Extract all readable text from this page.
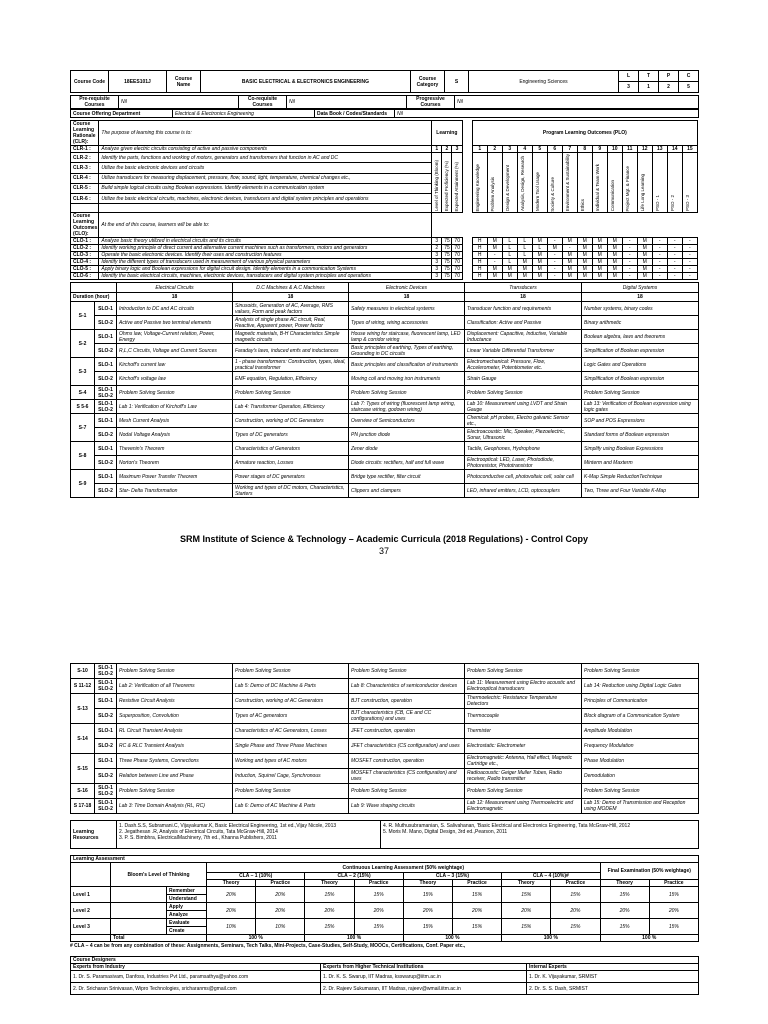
Course Code	18EES101J	Course Name	BASIC ELECTRICAL & ELECTRONICS ENGINEERING	Course Category	S	Engineering Sciences	L	T	P	C
							3	1	2	5
Pre-requisite Courses	Nil	Co-requisite Courses	Nil	Progressive Courses	Nil
Course Offering Department	Electrical & Electronics Engineering	Data Book / Codes/Standards	Nil
Course Learning Rationale (CLR):	The purpose of learning this course is to:	Learning				Program Learning Outcomes (PLO)														
CLR-1 :	Analyze given electric circuits consisting of active and passive components	1	2	3		1	2	3	4	5	6	7	8	9	10	11	12	13	14	15
CLR-2 :	Identify the parts, functions and working of motors, generators and transformers that function in AC and DC	Level of Thinking (Bloom)	Expected Proficiency (%)	Expected Attainment (%)		Engineering Knowledge	Problem Analysis	Design & Development	Analysis, Design, Research	Modern Tool Usage	Society & Culture	Environment & Sustainability	Ethics	Individual & Team Work	Communication	Project Mgt. & Finance	Life Long Learning	PSO - 1	PSO - 2	PSO - 3

CLR-3 :	Utilize the basic electronic devices and circuits																			
CLR-4 :	Utilize transducers for measuring displacement, pressure, flow, sound, light, temperature, chemical changes etc.,																			
CLR-5 :	Build simple logical circuits using Boolean expressions. Identify elements in a communication system																			
CLR-6 :	Utilize the basic electrical circuits, machines, electronic devices, transducers and digital system principles and operations																			

Course Learning Outcomes (CLO):	At the end of this course, learners will be able to:																			
CLO-1 :	Analyze basic theory utilized in electrical circuits and its circuits	3	75	70		H	M	L	L	M	-	M	M	M	M	-	M	-	-	-
CLO-2 :	Identify working principle of direct current and alternative current machines such as transformers, motors and generators	2	75	70		H	M	L	L	L	M	-	M	M	M	-	M	-	-	-
CLO-3 :	Operate the basic electronic devices. Identify their uses and construction features	3	75	70		H	-	L	L	M	-	M	M	M	M	-	M	-	-	-
CLO-4 :	Identify the different types of transducers used in measurement of various physical parameters	3	75	70		H	-	L	M	M	-	M	M	M	M	-	M	-	-	-
CLO-5 :	Apply binary logic and Boolean expressions for digital circuit design. Identify elements in a communication Systems	3	75	70		H	M	M	M	M	-	M	M	M	M	-	M	-	-	-
CLO-6 :	Identify the basic electrical circuits, machines, electronic devices, transducers and digital system principles and operations	3	75	70		H	M	M	M	M	-	M	M	M	M	-	M	-	-	-
		Electrical Circuits	D.C Machines & A.C Machines	Electronic Devices	Transducers	Digital Systems
Duration (hour)		18	18	18	18	18
S-1	SLO-1	Introduction to DC and AC circuits	Sinusoids, Generation of AC, Average, RMS values, Form and peak factors	Safety measures in electrical systems	Transducer function and requirements	Number systems, binary codes
	SLO-2	Active and Passive two terminal elements	Analysis of single phase AC circuit, Real, Reactive, Apparent power, Power factor	Types of wiring, wiring accessories	Classification: Active and Passive	Binary arithmetic
S-2	SLO-1	Ohms law, Voltage-Current relation, Power, Energy	Magnetic materials, B-H Characteristics Simple magnetic circuits	House wiring for staircase, fluorescent lamp, LED lamp & corridor wiring	Displacement: Capacitive, Inductive, Variable Inductance	Boolean algebra, laws and theorems
	SLO-2	R,L,C Circuits, Voltage and Current Sources	Faraday's laws, induced emfs and inductances	Basic principles of earthing, Types of earthing, Grounding in DC circuits	Linear Variable Differential Transformer	Simplification of Boolean expression
S-3	SLO-1	Kirchoff's current law	1 - phase transformers: Construction, types, ideal, practical transformer	Basic principles and classification of instruments	Electromechanical: Pressure, Flow, Accelerometer, Potentiometer etc.	Logic Gates and Operations
	SLO-2	Kirchoff's voltage law	EMF equation, Regulation, Efficiency	Moving coil and moving iron instruments	Strain Gauge	Simplification of Boolean expression
S-4	SLO-1 SLO-2	Problem Solving Session	Problem Solving Session	Problem Solving Session	Problem Solving Session	Problem Solving Session
S 5-6	SLO-1 SLO-2	Lab 1: Verification of Kirchoff's Law	Lab 4: Transformer Operation, Efficiency	Lab 7: Types of wiring (fluorescent lamp wiring, staircase wiring, godown wiring)	Lab 10: Measurement using LVDT and Strain Gauge	Lab 13: Verification of Boolean expression using logic gates
S-7	SLO-1	Mesh Current Analysis	Construction, working of DC Generators	Overview of Semiconductors	Chemical: pH probes, Electro galvanic Sensor etc.,	SOP and POS Expressions
	SLO-2	Nodal Voltage Analysis	Types of DC generators	PN junction diode	Electroacoustic: Mic, Speaker, Piezoelectric, Sonar, Ultrasonic	Standard forms of Boolean expression
S-8	SLO-1	Thevenin's Theorem	Characteristics of Generators	Zener diode	Tactile, Geophones, Hydrophone	Simplify using Boolean Expressions
	SLO-2	Norton's Theorem	Armature reaction, Losses	Diode circuits: rectifiers, half and full wave	Electrooptical: LED, Laser, Photodiode, Photoresistor, Phototransistor	Minterm and Maxterm
S-9	SLO-1	Maximum Power Transfer Theorem	Power stages of DC generators	Bridge type rectifier, filter circuit	Photoconductive cell, photovoltaic cell, solar cell	K-Map Simple ReductionTechnique
	SLO-2	Star- Delta Transformation	Working and types of DC motors, Characteristics, Starters	Clippers and clampers	LED, infrared emitters, LCD, optocouplers	Two, Three and Four Variable K-Map
SRM Institute of Science & Technology – Academic Curricula (2018 Regulations) - Control Copy
37
S-10	SLO-1 SLO-2	Problem Solving Session	Problem Solving Session	Problem Solving Session	Problem Solving Session	Problem Solving Session
S 11-12	SLO-1 SLO-2	Lab 2: Verification of all Theorems	Lab 5: Demo of DC Machine & Parts	Lab 8: Characteristics of semiconductor devices	Lab 11: Measurement using Electro acoustic and Electrooptical transducers	Lab 14: Reduction using Digital Logic Gates
S-13	SLO-1	Resistive Circuit Analysis	Construction, working of AC Generators	BJT construction, operation	Thermoelectric: Resistance Temperature Detectors	Principles of Communication
	SLO-2	Superposition, Convolution	Types of AC generators	BJT characteristics (CB, CE and CC configurations) and uses	Thermocouple	Block diagram of a Communication System
S-14	SLO-1	RL Circuit Transient Analysis	Characteristics of AC Generators, Losses	JFET construction, operation	Thermister	Amplitude Modulation
	SLO-2	RC & RLC Transient Analysis	Single Phase and Three Phase Machines	JFET characteristics (CS configuration) and uses	Electrostatic: Electrometer	Frequency Modulation
S-15	SLO-1	Three Phase Systems, Connections	Working and types of AC motors	MOSFET construction, operation	Electromagnetic: Antenna, Hall effect, Magnetic Cartridge etc.,	Phase Modulation
	SLO-2	Relation between Line and Phase	Induction, Squirrel Cage, Synchronous	MOSFET characteristics (CS configuration) and uses	Radioacoustic: Geiger Muller Tubes, Radio receiver, Radio transmitter	Demodulation
S-16	SLO-1 SLO-2	Problem Solving Session	Problem Solving Session	Problem Solving Session	Problem Solving Session	Problem Solving Session
S 17-18	SLO-1 SLO-2	Lab 3: Time Domain Analysis (RL, RC)	Lab 6: Demo of AC Machine & Parts	Lab 9: Wave shaping circuits	Lab 12: Measurement using Thermoelectric and Electromagnetic	Lab 15: Demo of Transmission and Reception using MODEM
Learning Resources	
1. Dash.S.S, Subramani.C, Vijayakumar.K, Basic Electrical Engineering, 1st ed.,Vijay Nicole, 2013
2. Jegathesan .R, Analysis of Electrical Circuits, Tata McGraw-Hill, 2014
3. P. S. Bimbhra, ElectricalMachinery, 7th ed., Khanna Publishers, 2011

4. R. Muthusubramanian, S. Salivahanan, 'Basic Electrical and Electronics Engineering, Tata McGraw-Hill, 2012
5. Moris M. Mano, Digital Design, 3rd ed.,Pearson, 2011
Learning Assessment												
	Bloom's Level of Thinking		Continuous Learning Assessment (50% weightage)								Final Examination (50% weightage)	
			CLA – 1 (10%)		CLA – 2 (15%)		CLA – 3 (15%)		CLA – 4 (10%)#			
			Theory	Practice	Theory	Practice	Theory	Practice	Theory	Practice	Theory	Practice
Level 1		Remember	20%	20%	15%	15%	15%	15%	15%	15%	15%	15%
		Understand										
Level 2		Apply	20%	20%	20%	20%	20%	20%	20%	20%	20%	20%
		Analyze										
Level 3		Evaluate	10%	10%	15%	15%	15%	15%	15%	15%	15%	15%
		Create										
	Total		100 %		100 %		100 %		100 %		100 %	
# CLA – 4 can be from any combination of these: Assignments, Seminars, Tech Talks, Mini-Projects, Case-Studies, Self-Study, MOOCs, Certifications, Conf. Paper etc.,
Course Designers		
Experts from Industry	Experts from Higher Technical Institutions	Internal Experts
1. Dr. S. Paramasivam, Danfoss, Industries Pvt Ltd., paramsathya@yahoo.com	1. Dr. K. S. Swarup, IIT Madras, ksswarup@iitm.ac.in	1. Dr. K. Vijayakumar, SRMIST
2. Dr. Sricharan Srinivasan, Wipro Technologies, sricharanms@gmail.com	2. Dr. Rajeev Sukumaran, IIT Madras, rajeev@wmail.iitm.ac.in	2. Dr. S. S. Dash, SRMIST
